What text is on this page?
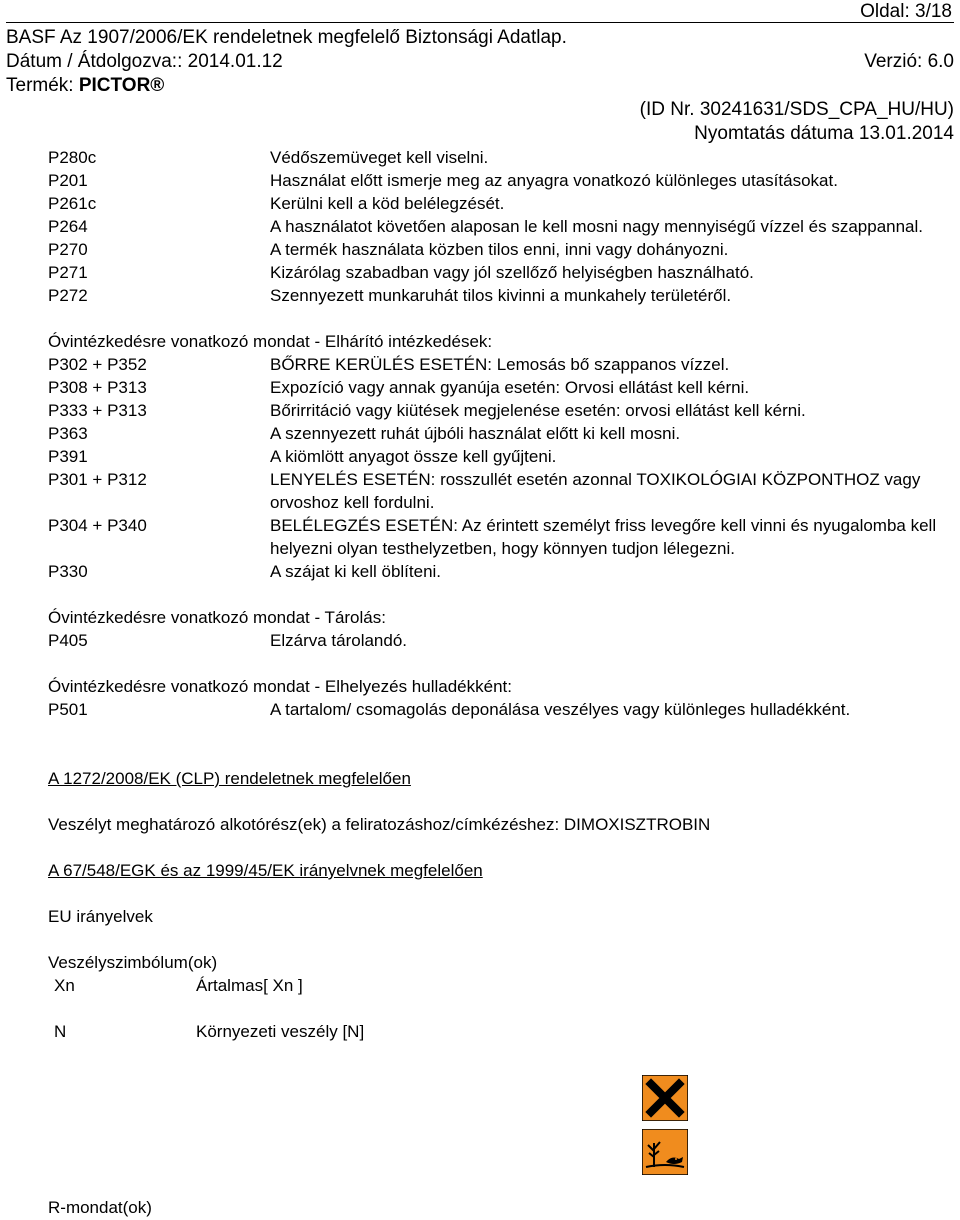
Oldal: 3/18
BASF Az 1907/2006/EK rendeletnek megfelelő Biztonsági Adatlap.
Dátum / Átdolgozva:: 2014.01.12	Verzió: 6.0
Termék: PICTOR®
(ID Nr. 30241631/SDS_CPA_HU/HU)
Nyomtatás dátuma 13.01.2014
P280c	Védőszemüveget kell viselni.
P201	Használat előtt ismerje meg az anyagra vonatkozó különleges utasításokat.
P261c	Kerülni kell a köd belélegzését.
P264	A használatot követően alaposan le kell mosni nagy mennyiségű vízzel és szappannal.
P270	A termék használata közben tilos enni, inni vagy dohányozni.
P271	Kizárólag szabadban vagy jól szellőző helyiségben használható.
P272	Szennyezett munkaruhát tilos kivinni a munkahely területéről.
Óvintézkedésre vonatkozó mondat - Elhárító intézkedések:
P302 + P352	BŐRRE KERÜLÉS ESETÉN: Lemosás bő szappanos vízzel.
P308 + P313	Expozíció vagy annak gyanúja esetén: Orvosi ellátást kell kérni.
P333 + P313	Bőrirritáció vagy kiütések megjelenése esetén: orvosi ellátást kell kérni.
P363	A szennyezett ruhát újbóli használat előtt ki kell mosni.
P391	A kiömlött anyagot össze kell gyűjteni.
P301 + P312	LENYELÉS ESETÉN: rosszullét esetén azonnal TOXIKOLÓGIAI KÖZPONTHOZ vagy orvoshoz kell fordulni.
P304 + P340	BELÉLEGZÉS ESETÉN: Az érintett személyt friss levegőre kell vinni és nyugalomba kell helyezni olyan testhelyzetben, hogy könnyen tudjon lélegezni.
P330	A szájat ki kell öblíteni.
Óvintézkedésre vonatkozó mondat - Tárolás:
P405	Elzárva tárolandó.
Óvintézkedésre vonatkozó mondat - Elhelyezés hulladékként:
P501	A tartalom/ csomagolás deponálása veszélyes vagy különleges hulladékként.
A 1272/2008/EK (CLP) rendeletnek megfelelően
Veszélyt meghatározó alkotórész(ek) a feliratozáshoz/címkézéshez: DIMOXISZTROBIN
A 67/548/EGK és az 1999/45/EK irányelvnek megfelelően
EU irányelvek
Veszélyszimbólum(ok)
Xn	Ártalmas[ Xn ]
N	Környezeti veszély [N]

R-mondat(ok)
